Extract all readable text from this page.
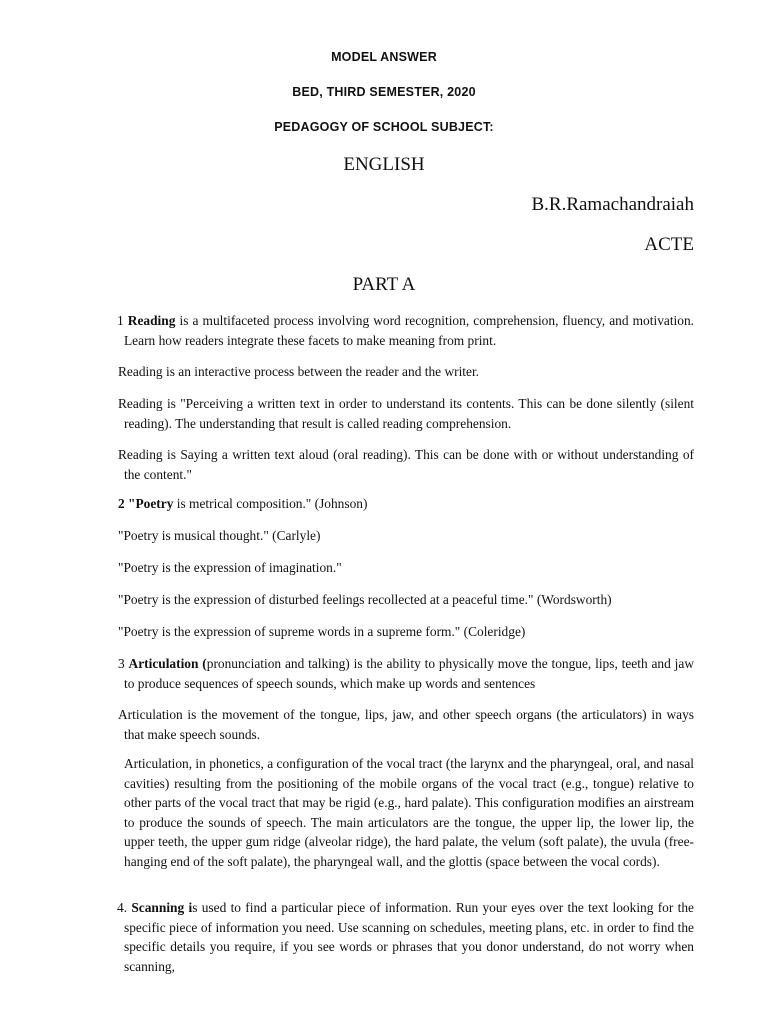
MODEL ANSWER
BED, THIRD SEMESTER, 2020
PEDAGOGY OF SCHOOL SUBJECT:
ENGLISH
B.R.Ramachandraiah
ACTE
PART A

1 Reading is a multifaceted process involving word recognition, comprehension, fluency, and motivation. Learn how readers integrate these facets to make meaning from print.

Reading is an interactive process between the reader and the writer.

Reading is "Perceiving a written text in order to understand its contents. This can be done silently (silent reading). The understanding that result is called reading comprehension.

Reading is Saying a written text aloud (oral reading). This can be done with or without understanding of the content."

2 "Poetry is metrical composition." (Johnson)

"Poetry is musical thought." (Carlyle)

"Poetry is the expression of imagination."

"Poetry is the expression of disturbed feelings recollected at a peaceful time." (Wordsworth)

"Poetry is the expression of supreme words in a supreme form." (Coleridge)

3 Articulation (pronunciation and talking) is the ability to physically move the tongue, lips, teeth and jaw to produce sequences of speech sounds, which make up words and sentences

Articulation is the movement of the tongue, lips, jaw, and other speech organs (the articulators) in ways that make speech sounds.

Articulation, in phonetics, a configuration of the vocal tract (the larynx and the pharyngeal, oral, and nasal cavities) resulting from the positioning of the mobile organs of the vocal tract (e.g., tongue) relative to other parts of the vocal tract that may be rigid (e.g., hard palate). This configuration modifies an airstream to produce the sounds of speech. The main articulators are the tongue, the upper lip, the lower lip, the upper teeth, the upper gum ridge (alveolar ridge), the hard palate, the velum (soft palate), the uvula (free-hanging end of the soft palate), the pharyngeal wall, and the glottis (space between the vocal cords).

4. Scanning is used to find a particular piece of information. Run your eyes over the text looking for the specific piece of information you need. Use scanning on schedules, meeting plans, etc. in order to find the specific details you require, if you see words or phrases that you donor understand, do not worry when scanning,
